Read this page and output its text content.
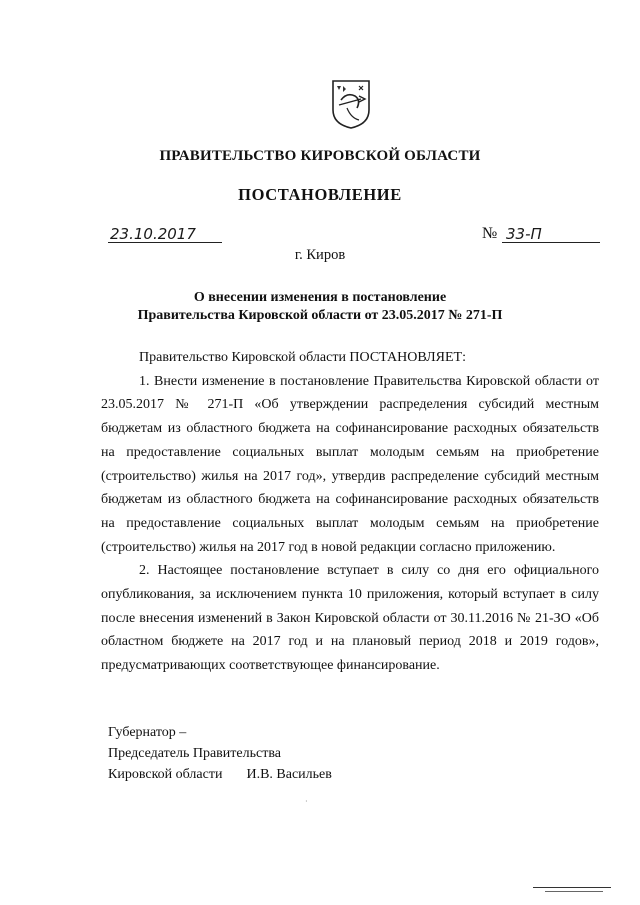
ПРАВИТЕЛЬСТВО КИРОВСКОЙ ОБЛАСТИ
ПОСТАНОВЛЕНИЕ
23.10.2017	№ 33-П
г. Киров
О внесении изменения в постановление
Правительства Кировской области от 23.05.2017 № 271-П

Правительство Кировской области ПОСТАНОВЛЯЕТ:

1. Внести изменение в постановление Правительства Кировской области от 23.05.2017 № 271-П «Об утверждении распределения субсидий местным бюджетам из областного бюджета на софинансирование расходных обязательств на предоставление социальных выплат молодым семьям на приобретение (строительство) жилья на 2017 год», утвердив распределение субсидий местным бюджетам из областного бюджета на софинансирование расходных обязательств на предоставление социальных выплат молодым семьям на приобретение (строительство) жилья на 2017 год в новой редакции согласно приложению.

2. Настоящее постановление вступает в силу со дня его официального опубликования, за исключением пункта 10 приложения, который вступает в силу после внесения изменений в Закон Кировской области от 30.11.2016 № 21-ЗО «Об областном бюджете на 2017 год и на плановый период 2018 и 2019 годов», предусматривающих соответствующее финансирование.

Губернатор –
Председатель Правительства
Кировской области И.В. Васильев
·
